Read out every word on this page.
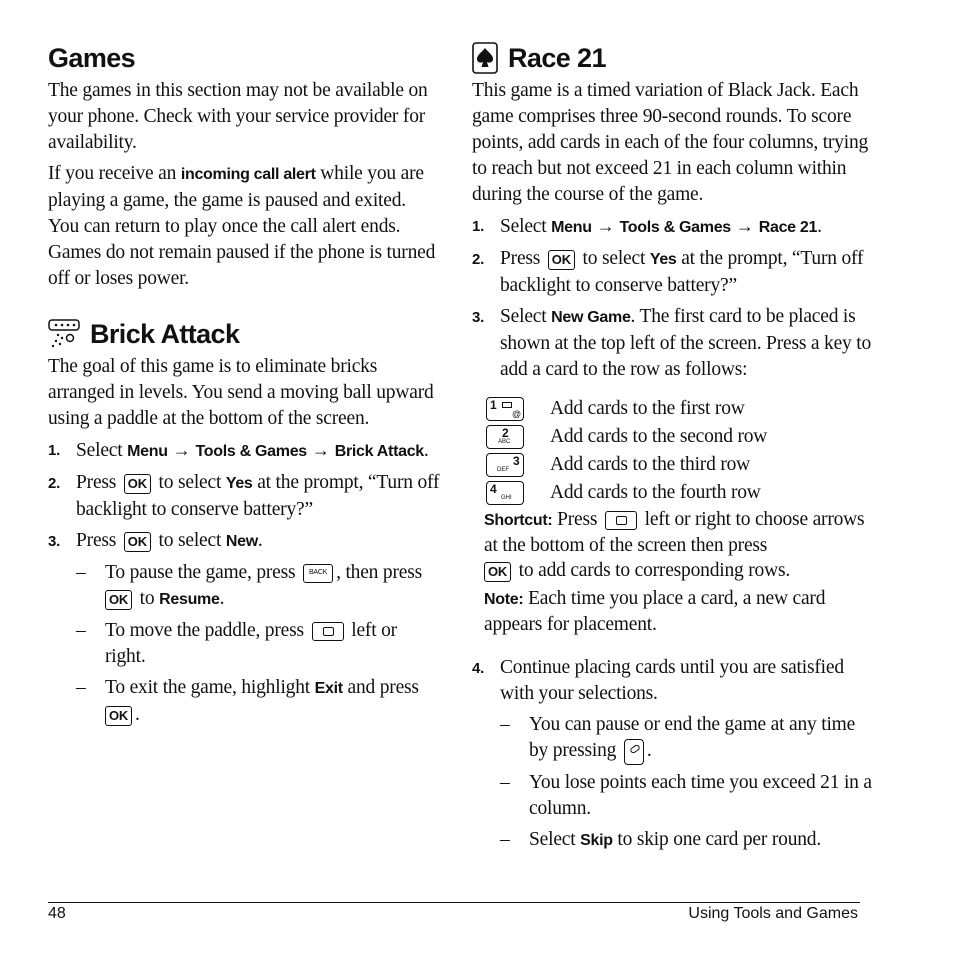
Games

The games in this section may not be available on your phone. Check with your service provider for availability.

If you receive an incoming call alert while you are playing a game, the game is paused and exited. You can return to play once the call alert ends. Games do not remain paused if the phone is turned off or loses power.

Brick Attack

The goal of this game is to eliminate bricks arranged in levels. You send a moving ball upward using a paddle at the bottom of the screen.

1. Select Menu → Tools & Games → Brick Attack.
2. Press OK to select Yes at the prompt, “Turn off backlight to conserve battery?”
3. Press OK to select New.
– To pause the game, press BACK , then press
OK to Resume.
– To move the paddle, press  left or right.
– To exit the game, highlight Exit and press
OK.
Race 21

This game is a timed variation of Black Jack. Each game comprises three 90-second rounds. To score points, add cards in each of the four columns, trying to reach but not exceed 21 in each column within during the course of the game.

1. Select Menu → Tools & Games → Race 21.
2. Press OK to select Yes at the prompt, “Turn off backlight to conserve battery?”
3. Select New Game. The first card to be placed is shown at the top left of the screen. Press a key to add a card to the row as follows:
1
@ Add cards to the first row
2
ABC Add cards to the second row
3
DEF Add cards to the third row
4
GHI Add cards to the fourth row
Shortcut: Press  left or right to choose arrows at the bottom of the screen then press
OK to add cards to corresponding rows.
Note: Each time you place a card, a new card appears for placement.
4. Continue placing cards until you are satisfied with your selections.
– You can pause or end the game at any time by pressing .
– You lose points each time you exceed 21 in a column.
– Select Skip to skip one card per round.
48	Using Tools and Games
